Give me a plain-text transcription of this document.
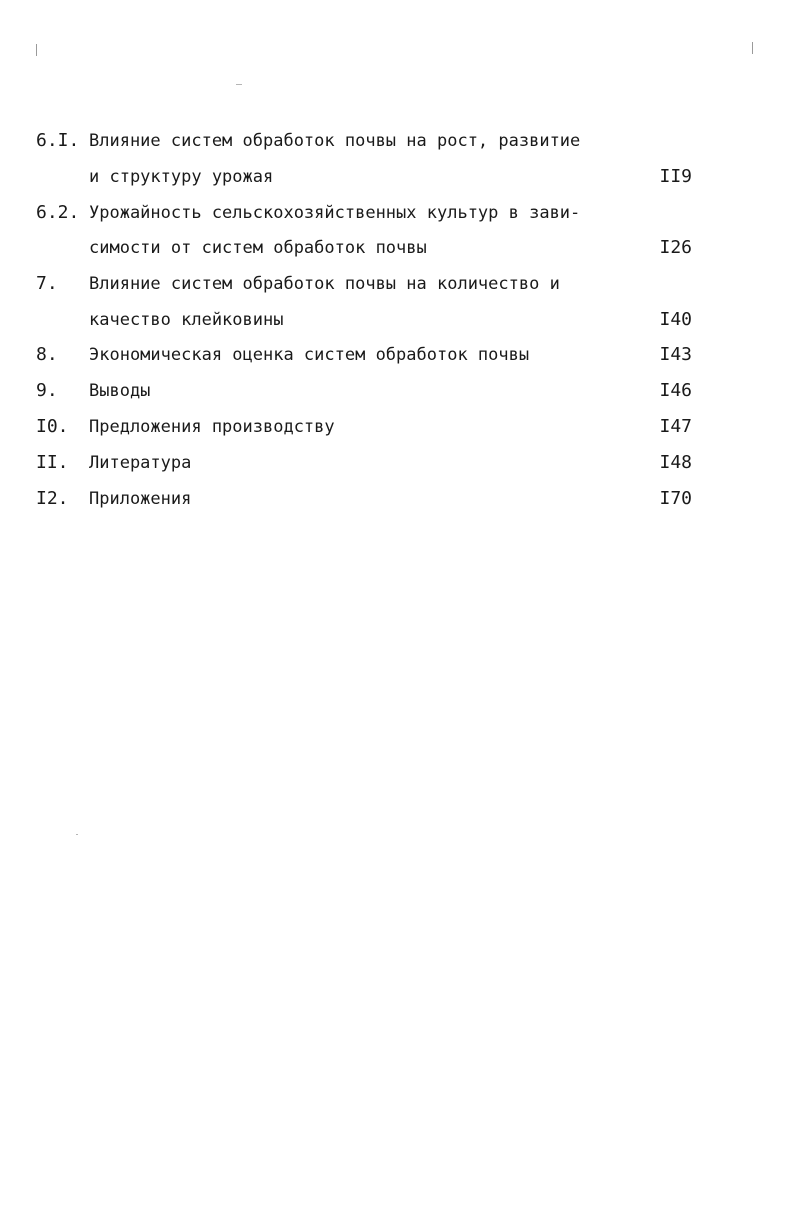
6.I. Влияние систем обработок почвы на рост, развитие
и структуру урожая	II9
6.2. Урожайность сельскохозяйственных культур в зави-
симости от систем обработок почвы	I26
7. Влияние систем обработок почвы на количество и
качество клейковины	I40
8. Экономическая оценка систем обработок почвы	I43
9. Выводы	I46
I0. Предложения производству	I47
II. Литература	I48
I2. Приложения	I70
